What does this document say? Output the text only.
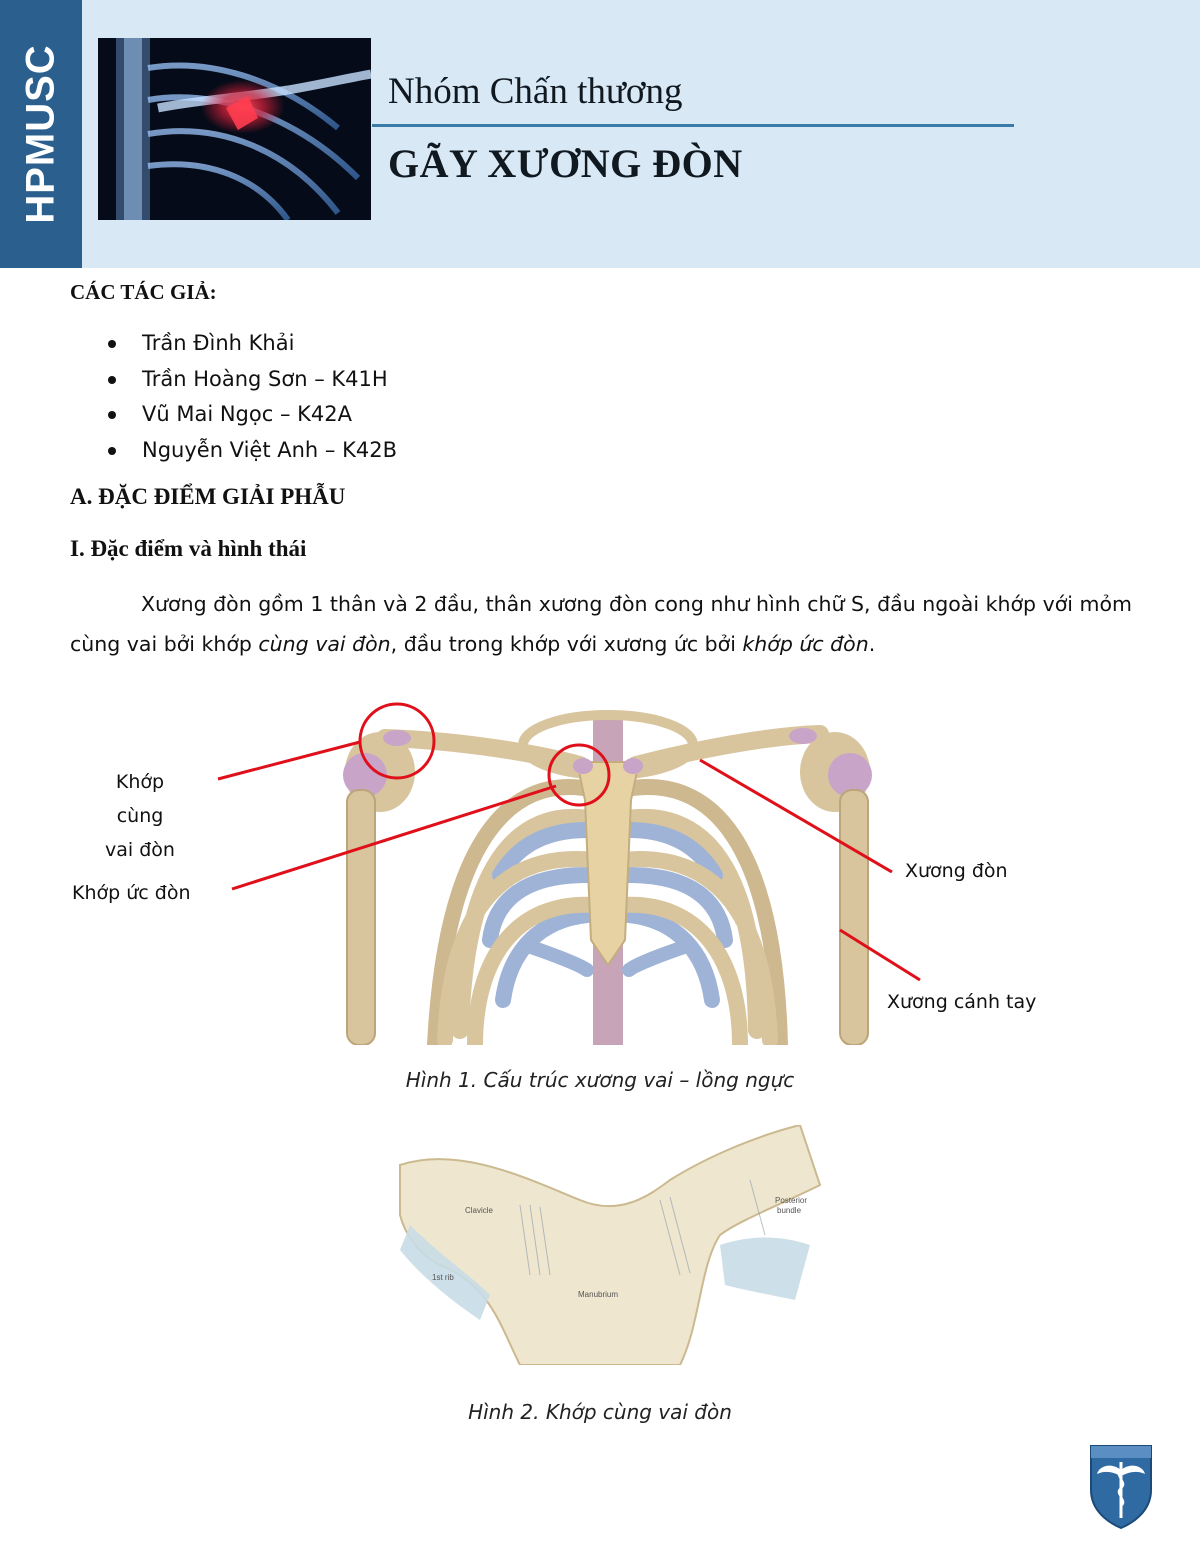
HPMUSC	Nhóm Chấn thương
GÃY XƯƠNG ĐÒN
CÁC TÁC GIẢ:
Trần Đình Khải
Trần Hoàng Sơn – K41H
Vũ Mai Ngọc – K42A
Nguyễn Việt Anh – K42B
A. ĐẶC ĐIỂM GIẢI PHẪU
I. Đặc điểm và hình thái

Xương đòn gồm 1 thân và 2 đầu, thân xương đòn cong như hình chữ S, đầu ngoài khớp với mỏm cùng vai bởi khớp cùng vai đòn, đầu trong khớp với xương ức bởi khớp ức đòn.

Khớp cùng
vai đòn
Khớp ức đòn
Xương đòn
Xương cánh tay
Hình 1. Cấu trúc xương vai – lồng ngực
Clavicle
1st rib
Manubrium
Posterior
bundle
Hình 2. Khớp cùng vai đòn
